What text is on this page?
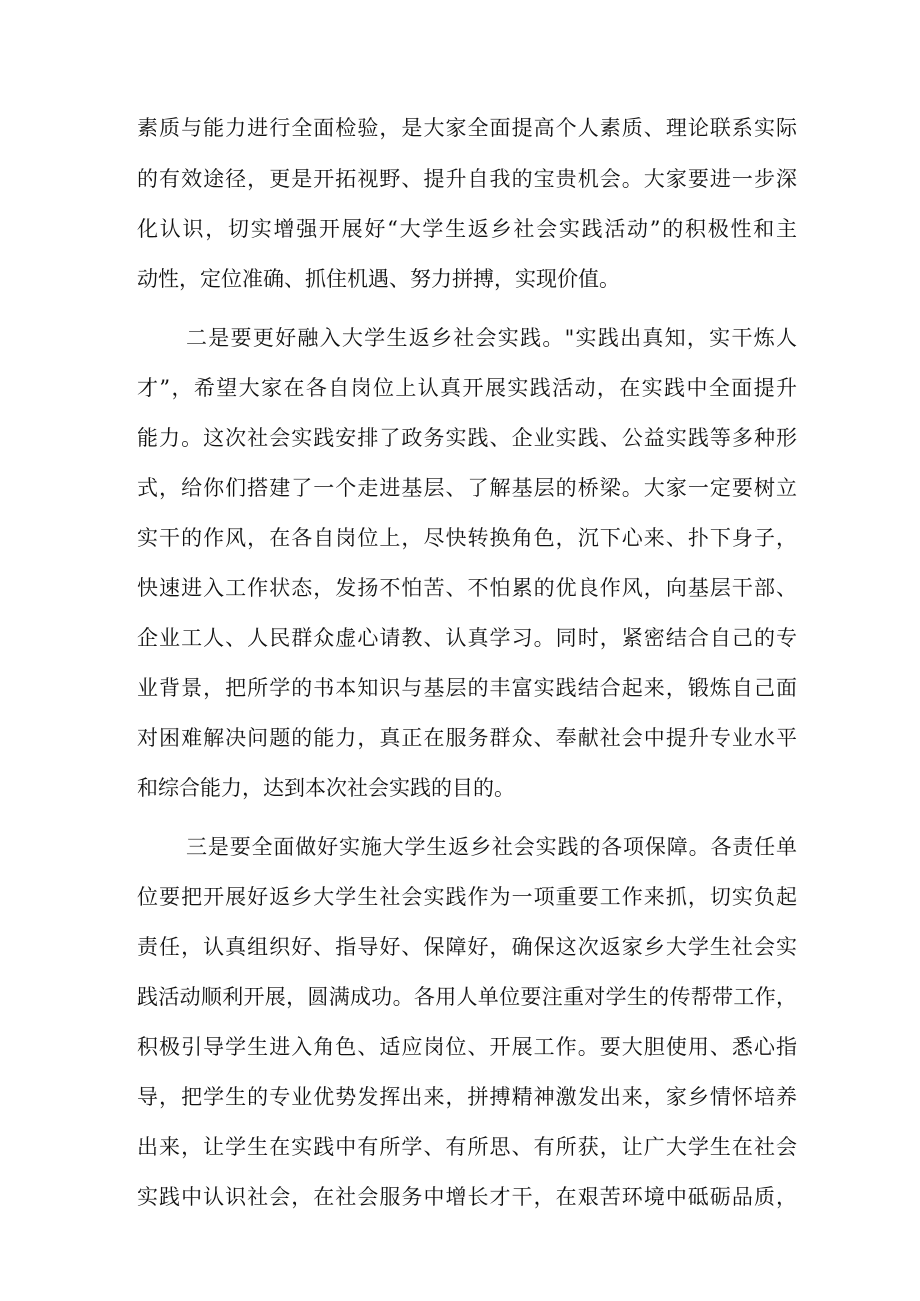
素质与能力进行全面检验，是大家全面提高个人素质、理论联系实际
的有效途径，更是开拓视野、提升自我的宝贵机会。大家要进一步深
化认识，切实增强开展好“大学生返乡社会实践活动”的积极性和主
动性，定位准确、抓住机遇、努力拼搏，实现价值。
二是要更好融入大学生返乡社会实践。"实践出真知，实干炼人
才”，希望大家在各自岗位上认真开展实践活动，在实践中全面提升
能力。这次社会实践安排了政务实践、企业实践、公益实践等多种形
式，给你们搭建了一个走进基层、了解基层的桥梁。大家一定要树立
实干的作风，在各自岗位上，尽快转换角色，沉下心来、扑下身子，
快速进入工作状态，发扬不怕苦、不怕累的优良作风，向基层干部、
企业工人、人民群众虚心请教、认真学习。同时，紧密结合自己的专
业背景，把所学的书本知识与基层的丰富实践结合起来，锻炼自己面
对困难解决问题的能力，真正在服务群众、奉献社会中提升专业水平
和综合能力，达到本次社会实践的目的。
三是要全面做好实施大学生返乡社会实践的各项保障。各责任单
位要把开展好返乡大学生社会实践作为一项重要工作来抓，切实负起
责任，认真组织好、指导好、保障好，确保这次返家乡大学生社会实
践活动顺利开展，圆满成功。各用人单位要注重对学生的传帮带工作，
积极引导学生进入角色、适应岗位、开展工作。要大胆使用、悉心指
导，把学生的专业优势发挥出来，拼搏精神激发出来，家乡情怀培养
出来，让学生在实践中有所学、有所思、有所获，让广大学生在社会
实践中认识社会，在社会服务中增长才干，在艰苦环境中砥砺品质，
